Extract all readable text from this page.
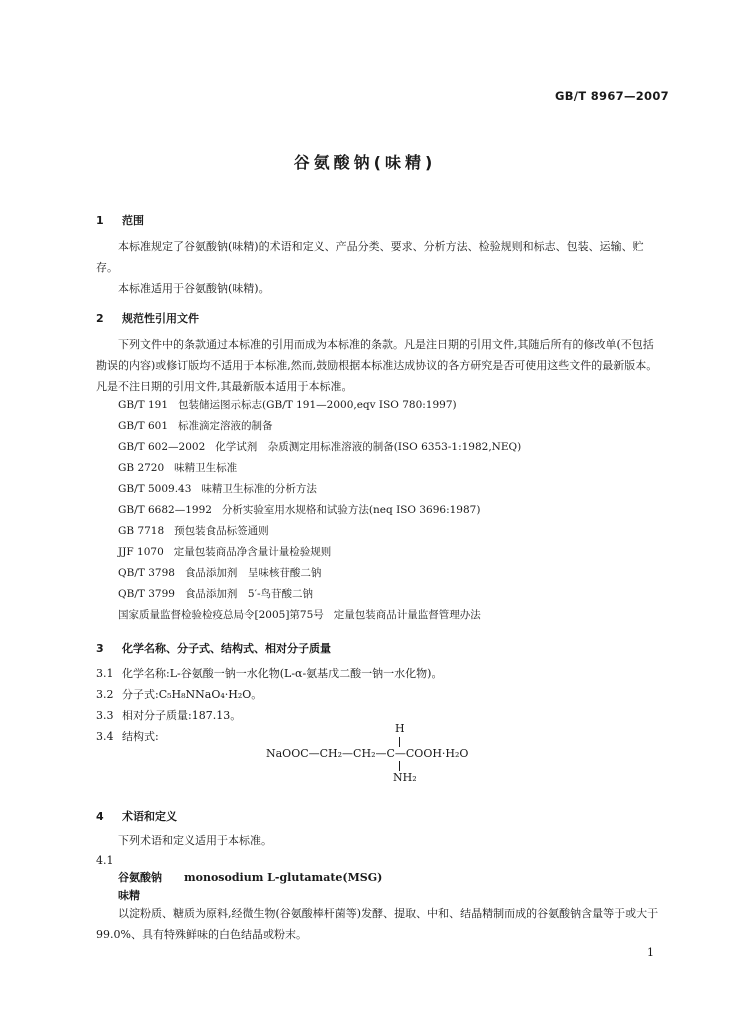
GB/T 8967—2007
谷氨酸钠(味精)
1 范围
本标准规定了谷氨酸钠(味精)的术语和定义、产品分类、要求、分析方法、检验规则和标志、包装、运输、贮存。
本标准适用于谷氨酸钠(味精)。
2 规范性引用文件
下列文件中的条款通过本标准的引用而成为本标准的条款。凡是注日期的引用文件,其随后所有的修改单(不包括勘误的内容)或修订版均不适用于本标准,然而,鼓励根据本标准达成协议的各方研究是否可使用这些文件的最新版本。凡是不注日期的引用文件,其最新版本适用于本标准。
GB/T 191 包装储运图示标志(GB/T 191—2000,eqv ISO 780:1997)
GB/T 601 标准滴定溶液的制备
GB/T 602—2002 化学试剂　杂质测定用标准溶液的制备(ISO 6353-1:1982,NEQ)
GB 2720 味精卫生标准
GB/T 5009.43 味精卫生标准的分析方法
GB/T 6682—1992 分析实验室用水规格和试验方法(neq ISO 3696:1987)
GB 7718 预包装食品标签通则
JJF 1070 定量包装商品净含量计量检验规则
QB/T 3798 食品添加剂　呈味核苷酸二钠
QB/T 3799 食品添加剂　5′-鸟苷酸二钠
国家质量监督检验检疫总局令[2005]第75号 定量包装商品计量监督管理办法
3 化学名称、分子式、结构式、相对分子质量
3.1 化学名称:L-谷氨酸一钠一水化物(L-α-氨基戊二酸一钠一水化物)。
3.2 分子式:C₅H₈NNaO₄·H₂O。
3.3 相对分子质量:187.13。
3.4 结构式:
H
NaOOC—CH₂—CH₂—C—COOH·H₂O
NH₂
4 术语和定义
下列术语和定义适用于本标准。
4.1
谷氨酸钠 monosodium L-glutamate(MSG)
味精
以淀粉质、糖质为原料,经微生物(谷氨酸棒杆菌等)发酵、提取、中和、结晶精制而成的谷氨酸钠含量等于或大于99.0%、具有特殊鲜味的白色结晶或粉末。
1
